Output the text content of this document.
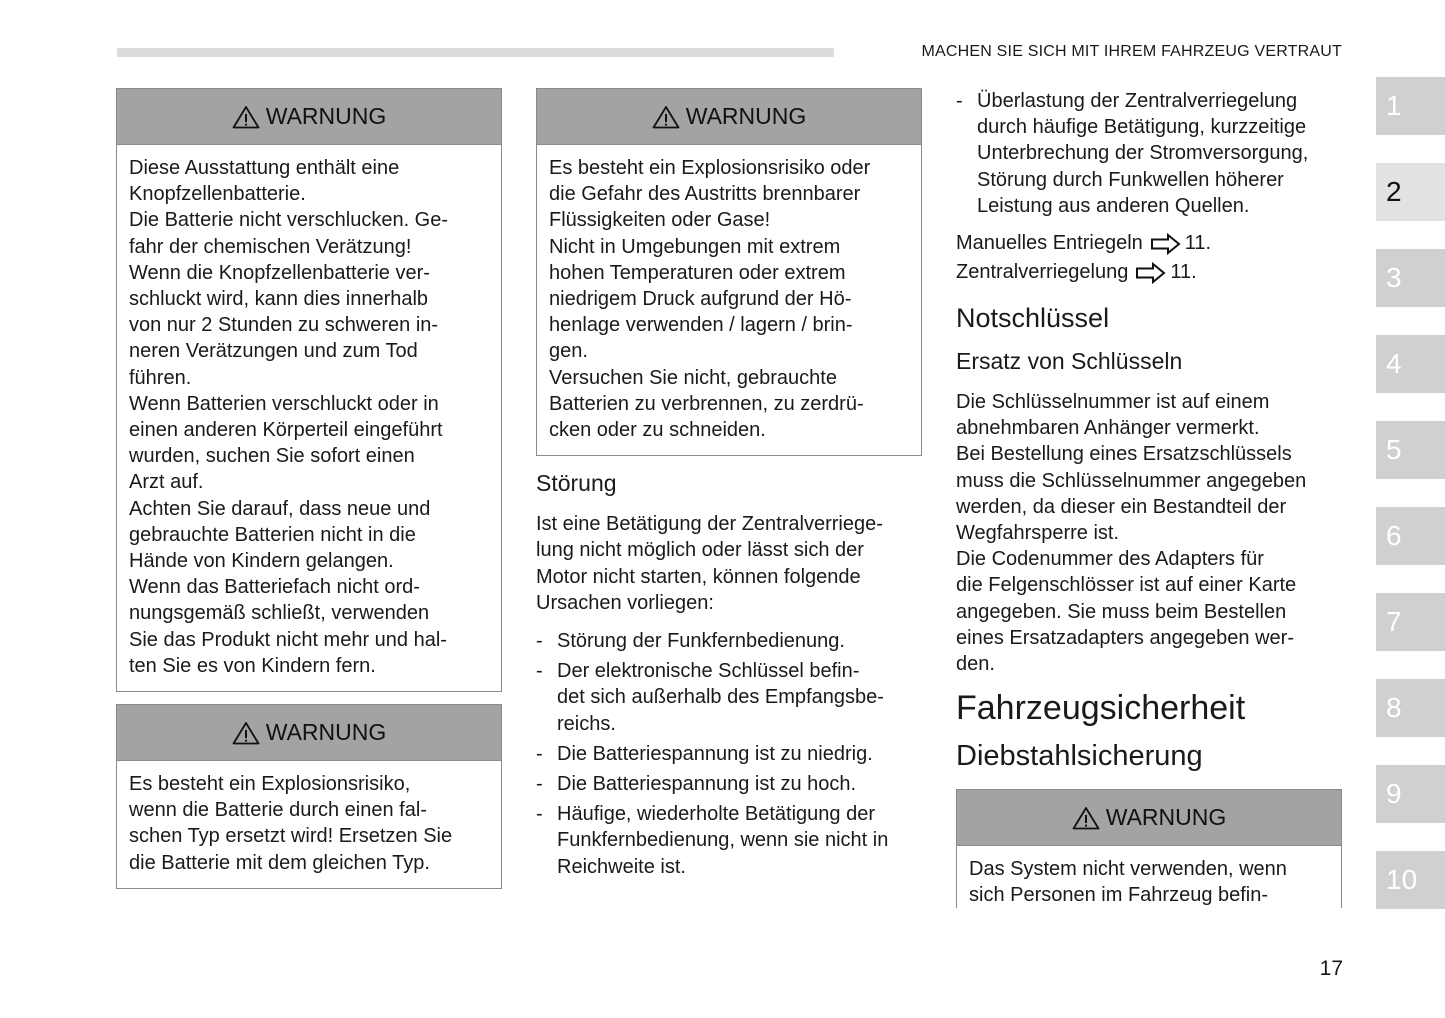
MACHEN SIE SICH MIT IHREM FAHRZEUG VERTRAUT
WARNUNG
Diese Ausstattung enthält eine
Knopfzellenbatterie.
Die Batterie nicht verschlucken. Ge-
fahr der chemischen Verätzung!
Wenn die Knopfzellenbatterie ver-
schluckt wird, kann dies innerhalb
von nur 2 Stunden zu schweren in-
neren Verätzungen und zum Tod
führen.
Wenn Batterien verschluckt oder in
einen anderen Körperteil eingeführt
wurden, suchen Sie sofort einen
Arzt auf.
Achten Sie darauf, dass neue und
gebrauchte Batterien nicht in die
Hände von Kindern gelangen.
Wenn das Batteriefach nicht ord-
nungsgemäß schließt, verwenden
Sie das Produkt nicht mehr und hal-
ten Sie es von Kindern fern.
WARNUNG
Es besteht ein Explosionsrisiko,
wenn die Batterie durch einen fal-
schen Typ ersetzt wird! Ersetzen Sie
die Batterie mit dem gleichen Typ.
WARNUNG
Es besteht ein Explosionsrisiko oder
die Gefahr des Austritts brennbarer
Flüssigkeiten oder Gase!
Nicht in Umgebungen mit extrem
hohen Temperaturen oder extrem
niedrigem Druck aufgrund der Hö-
henlage verwenden / lagern / brin-
gen.
Versuchen Sie nicht, gebrauchte
Batterien zu verbrennen, zu zerdrü-
cken oder zu schneiden.
Störung
Ist eine Betätigung der Zentralverriege-
lung nicht möglich oder lässt sich der
Motor nicht starten, können folgende
Ursachen vorliegen:
- Störung der Funkfernbedienung.
- Der elektronische Schlüssel befin-
det sich außerhalb des Empfangsbe-
reichs.
- Die Batteriespannung ist zu niedrig.
- Die Batteriespannung ist zu hoch.
- Häufige, wiederholte Betätigung der
Funkfernbedienung, wenn sie nicht in
Reichweite ist.
- Überlastung der Zentralverriegelung
durch häufige Betätigung, kurzzeitige
Unterbrechung der Stromversorgung,
Störung durch Funkwellen höherer
Leistung aus anderen Quellen.
Manuelles Entriegeln 11.
Zentralverriegelung 11.
Notschlüssel
Ersatz von Schlüsseln
Die Schlüsselnummer ist auf einem
abnehmbaren Anhänger vermerkt.
Bei Bestellung eines Ersatzschlüssels
muss die Schlüsselnummer angegeben
werden, da dieser ein Bestandteil der
Wegfahrsperre ist.
Die Codenummer des Adapters für
die Felgenschlösser ist auf einer Karte
angegeben. Sie muss beim Bestellen
eines Ersatzadapters angegeben wer-
den.
Fahrzeugsicherheit
Diebstahlsicherung
WARNUNG
Das System nicht verwenden, wenn
sich Personen im Fahrzeug befin-
1
2
3
4
5
6
7
8
9
10
17
